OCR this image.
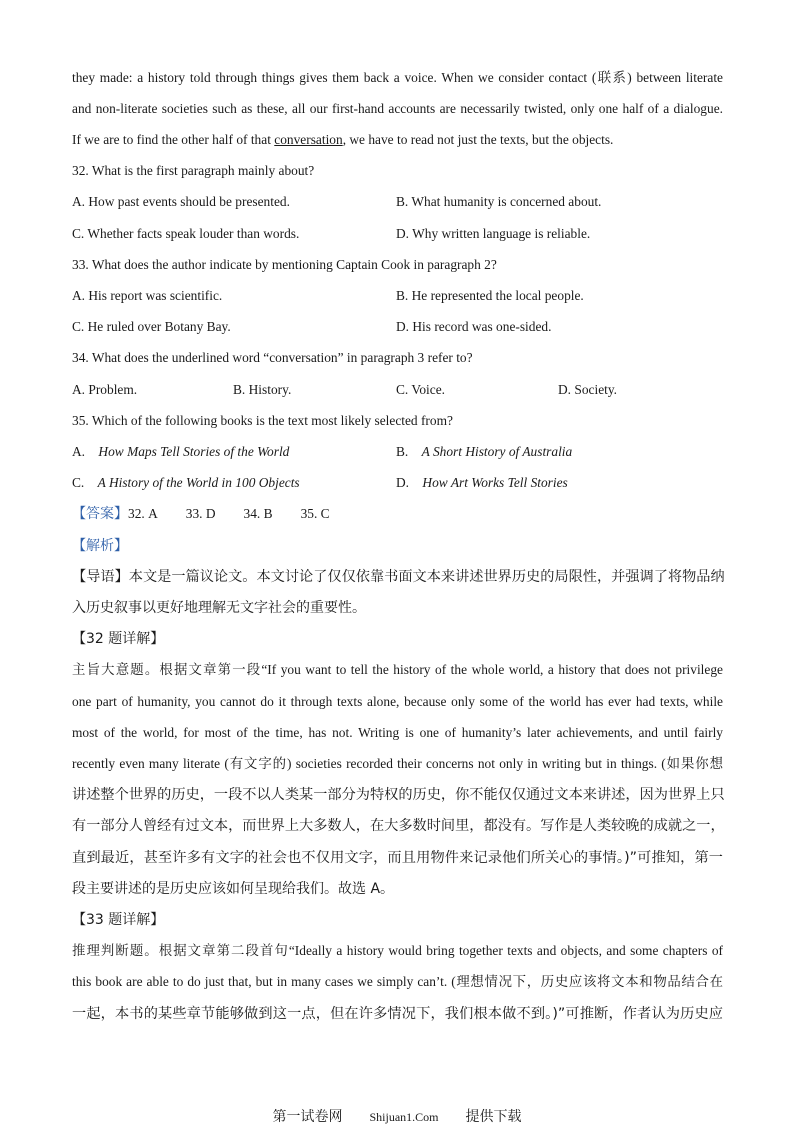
they made: a history told through things gives them back a voice. When we consider contact (联系) between literate
and non-literate societies such as these, all our first-hand accounts are necessarily twisted, only one half of a dialogue.
If we are to find the other half of that conversation, we have to read not just the texts, but the objects.
32. What is the first paragraph mainly about?
A. How past events should be presented.	B. What humanity is concerned about.
C. Whether facts speak louder than words.	D. Why written language is reliable.
33. What does the author indicate by mentioning Captain Cook in paragraph 2?
A. His report was scientific.	B. He represented the local people.
C. He ruled over Botany Bay.	D. His record was one-sided.
34. What does the underlined word “conversation” in paragraph 3 refer to?
A. Problem.	B. History.	C. Voice.	D. Society.
35. Which of the following books is the text most likely selected from?
A. How Maps Tell Stories of the World	B. A Short History of Australia
C. A History of the World in 100 Objects	D. How Art Works Tell Stories
【答案】32. A 33. D 34. B 35. C
【解析】
【导语】本文是一篇议论文。本文讨论了仅仅依靠书面文本来讲述世界历史的局限性，并强调了将物品纳
入历史叙事以更好地理解无文字社会的重要性。
【32 题详解】
主旨大意题。根据文章第一段“If you want to tell the history of the whole world, a history that does not privilege
one part of humanity, you cannot do it through texts alone, because only some of the world has ever had texts, while
most of the world, for most of the time, has not. Writing is one of humanity’s later achievements, and until fairly
recently even many literate (有文字的) societies recorded their concerns not only in writing but in things. (如果你想
讲述整个世界的历史，一段不以人类某一部分为特权的历史，你不能仅仅通过文本来讲述，因为世界上只
有一部分人曾经有过文本，而世界上大多数人，在大多数时间里，都没有。写作是人类较晚的成就之一，
直到最近，甚至许多有文字的社会也不仅用文字，而且用物件来记录他们所关心的事情。)”可推知，第一
段主要讲述的是历史应该如何呈现给我们。故选 A。
【33 题详解】
推理判断题。根据文章第二段首句“Ideally a history would bring together texts and objects, and some chapters of
this book are able to do just that, but in many cases we simply can’t. (理想情况下，历史应该将文本和物品结合在
一起，本书的某些章节能够做到这一点，但在许多情况下，我们根本做不到。)”可推断，作者认为历史应
第一试卷网 Shijuan1.Com 提供下载
